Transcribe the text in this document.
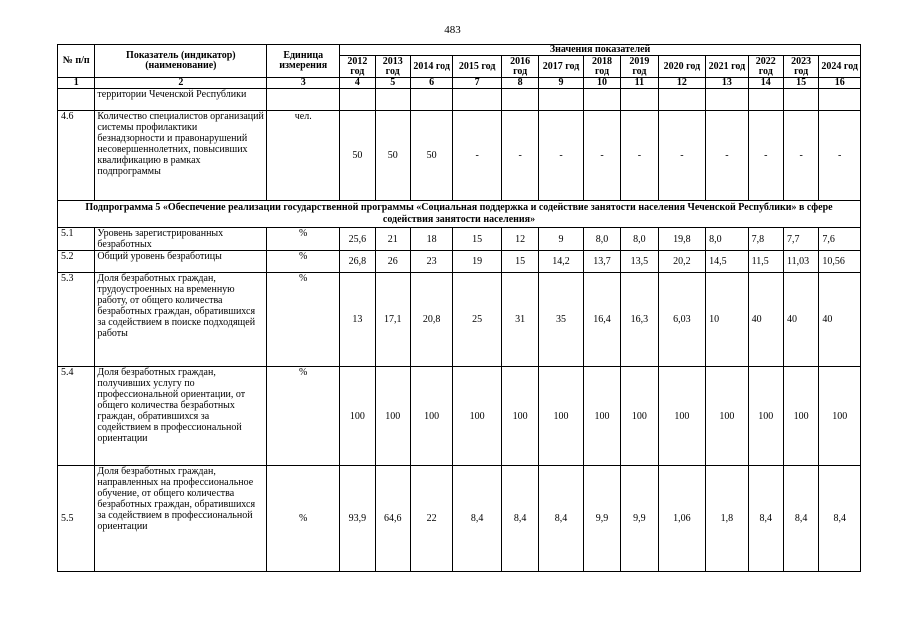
483
№ п/п	Показатель (индикатор) (наименование)	Единица измерения	Значения показателей												
			2012 год	2013 год	2014 год	2015 год	2016 год	2017 год	2018 год	2019 год	2020 год	2021 год	2022 год	2023 год	2024 год
1	2	3	4	5	6	7	8	9	10	11	12	13	14	15	16
	территории Чеченской Республики														
4.6	Количество специалистов организаций системы профилактики безнадзорности и правонарушений несовершеннолетних, повысивших квалификацию в рамках подпрограммы	чел.	50	50	50	-	-	-	-	-	-	-	-	-	-
Подпрограмма 5 «Обеспечение реализации государственной программы «Социальная поддержка и содействие занятости населения Чеченской Республики» в сфере содействия занятости населения»															
5.1	Уровень зарегистрированных безработных	%	25,6	21	18	15	12	9	8,0	8,0	19,8	8,0	7,8	7,7	7,6
5.2	Общий уровень безработицы	%	26,8	26	23	19	15	14,2	13,7	13,5	20,2	14,5	11,5	11,03	10,56
5.3	Доля безработных граждан, трудоустроенных на временную работу, от общего количества безработных граждан, обратившихся за содействием в поиске подходящей работы	%	13	17,1	20,8	25	31	35	16,4	16,3	6,03	10	40	40	40
5.4	Доля безработных граждан, получивших услугу по профессиональной ориентации, от общего количества безработных граждан, обратившихся за содействием в профессиональной ориентации	%	100	100	100	100	100	100	100	100	100	100	100	100	100
5.5	Доля безработных граждан, направленных на профессиональное обучение, от общего количества безработных граждан, обратившихся за содействием в профессиональной ориентации	%	93,9	64,6	22	8,4	8,4	8,4	9,9	9,9	1,06	1,8	8,4	8,4	8,4
